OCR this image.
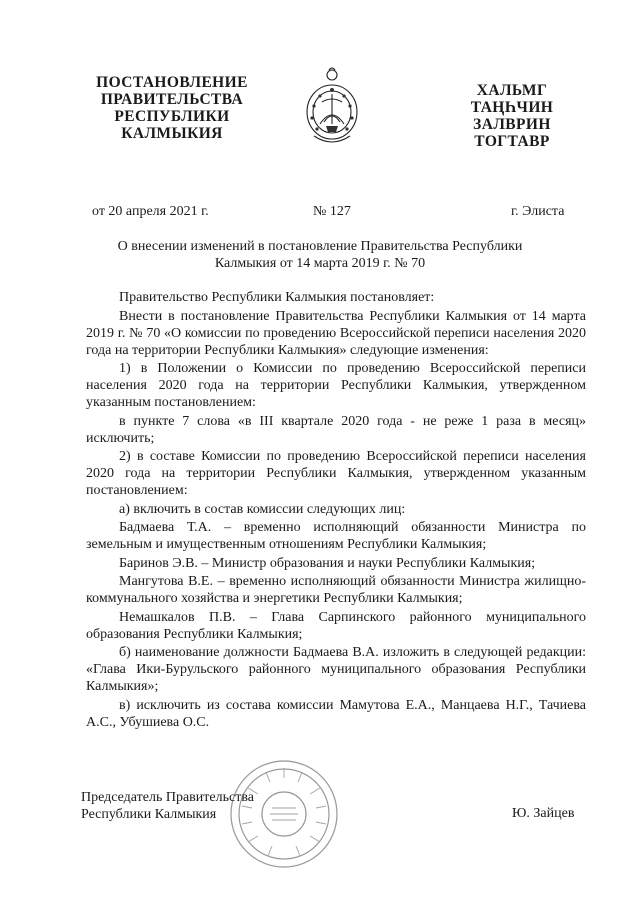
ПОСТАНОВЛЕНИЕ
ПРАВИТЕЛЬСТВА
РЕСПУБЛИКИ
КАЛМЫКИЯ
ХАЛЬМГ
ТАҢҺЧИН
ЗАЛВРИН
ТОГТАВР
от 20 апреля 2021 г.	№ 127	г. Элиста
О внесении изменений в постановление Правительства Республики
Калмыкия от 14 марта 2019 г. № 70

Правительство Республики Калмыкия постановляет:

Внести в постановление Правительства Республики Калмыкия от 14 марта 2019 г. № 70 «О комиссии по проведению Всероссийской переписи населения 2020 года на территории Республики Калмыкия» следующие изменения:

1) в Положении о Комиссии по проведению Всероссийской переписи населения 2020 года на территории Республики Калмыкия, утвержденном указанным постановлением:

в пункте 7 слова «в III квартале 2020 года - не реже 1 раза в месяц» исключить;

2) в составе Комиссии по проведению Всероссийской переписи населения 2020 года на территории Республики Калмыкия, утвержденном указанным постановлением:

а) включить в состав комиссии следующих лиц:

Бадмаева Т.А. – временно исполняющий обязанности Министра по земельным и имущественным отношениям Республики Калмыкия;

Баринов Э.В. – Министр образования и науки Республики Калмыкия;

Мангутова В.Е. – временно исполняющий обязанности Министра жилищно-коммунального хозяйства и энергетики Республики Калмыкия;

Немашкалов П.В. – Глава Сарпинского районного муниципального образования Республики Калмыкия;

б) наименование должности Бадмаева В.А. изложить в следующей редакции: «Глава Ики-Бурульского районного муниципального образования Республики Калмыкия»;

в) исключить из состава комиссии Мамутова Е.А., Манцаева Н.Г., Тачиева А.С., Убушиева О.С.

Председатель Правительства
Республики Калмыкия	Ю. Зайцев
